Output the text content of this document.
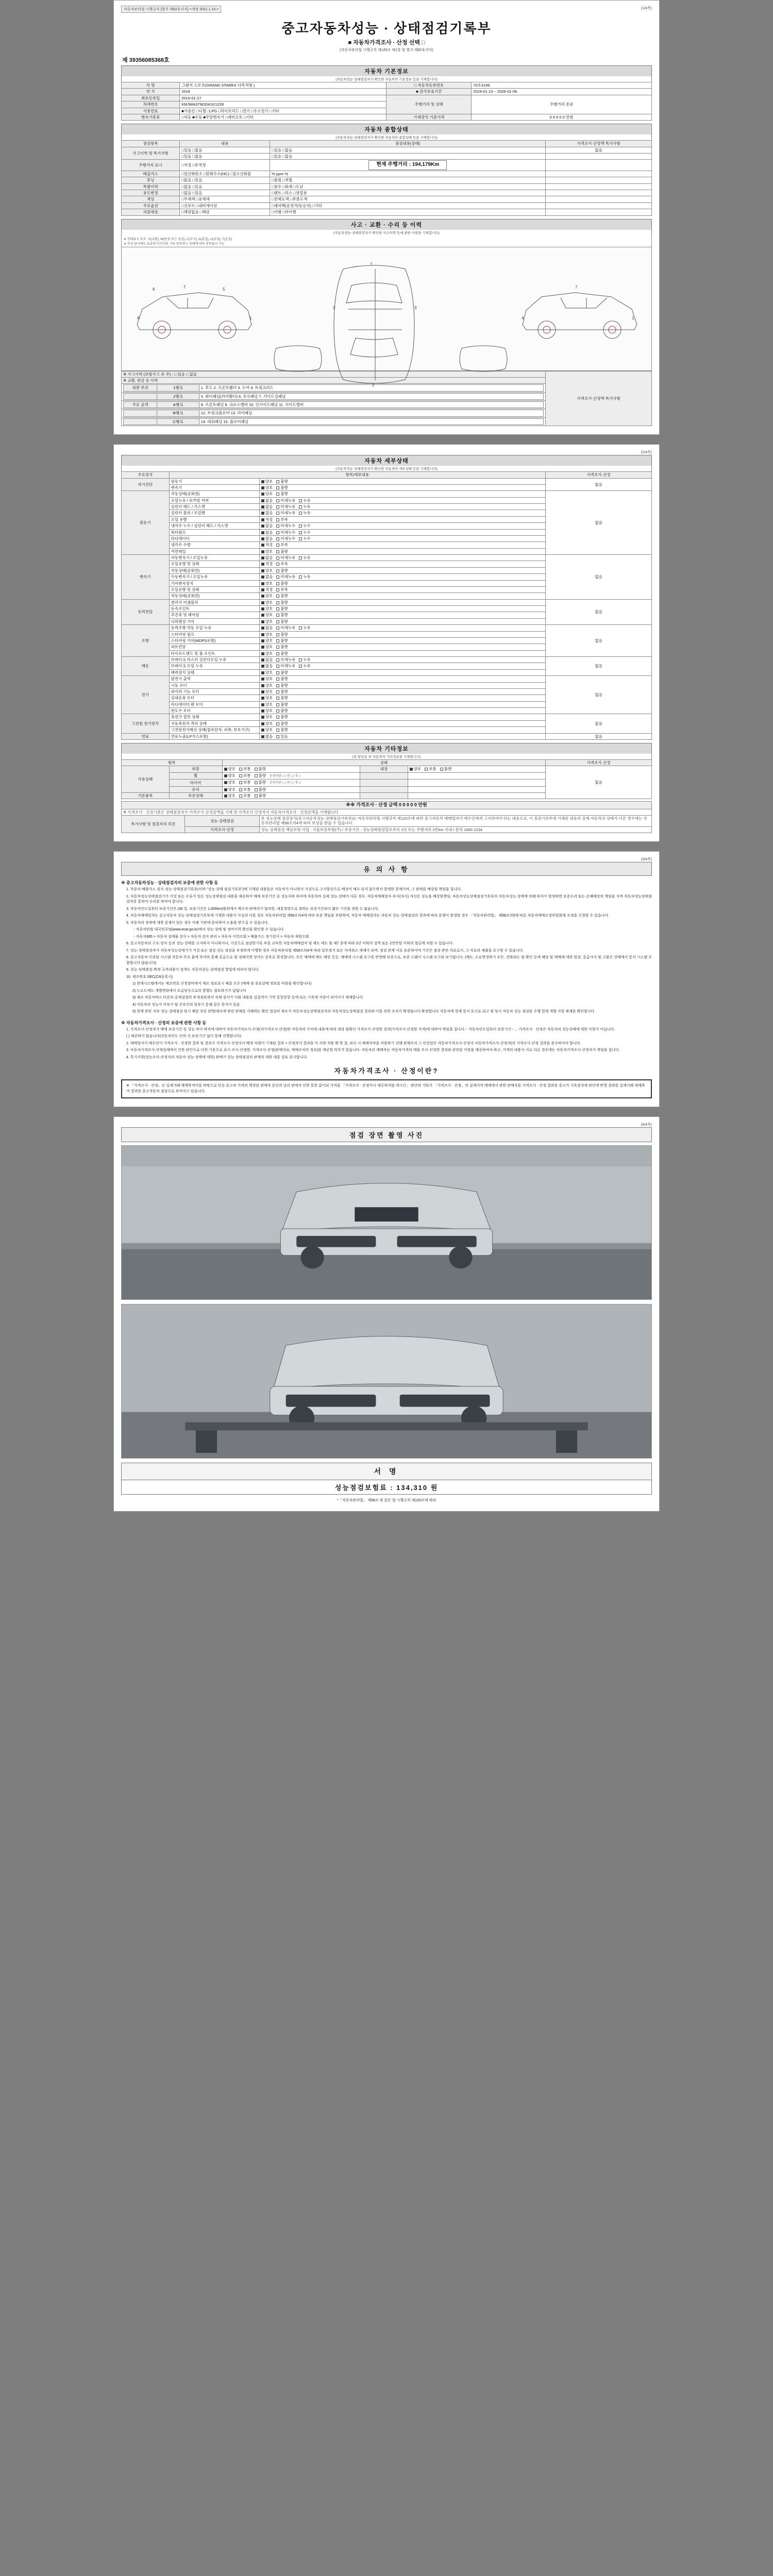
자동차관리법 시행규칙 [별지 제82호서식] <개정 2021.1.15.>	(1/4쪽)
중고자동차성능 · 상태점검기록부
■ 자동차가격조사 · 산정 선택 □
(자동차관리법 시행규칙 제120조 제1항 및 별지 제82호서식)
제 39356085368호
자동차 기본정보
(자동차성능·상태점검자가 확인한 자동차의 기본정보 등을 기재합니다)
차 명	그랜저 스포츠(GRAND STAREX 다목적형 )	□ 자동차등록번호	70호3199
연 식	2016	■ 검사유효기간	2024-01-13 ~ 2026-01-06
최초등록일	2016-01-27	주행거리 및 상태	주행거리 종류
차대번호	KMJWA37NDGK321228		
사용연료	■가솔린 □디젤 □LPG □하이브리드 □전기 □수소전기 □기타		
변속기종류	□자동 ■수동 ■무단변속기 □세미오토 □기타	기재장치 기준가격	0 0 0 0 0 만원
자동차 종합상태
(자동차성능·상태점검자가 확인한 자동차의 종합상태 등을 기재합니다)
점검항목	내용	점검내용(상태)	가격조사·산정액 특기사항
사고이력 및 특기사항	□있음 □없음	□있음 □없음	없음
	□있음 □없음	□있음 □없음	
주행거리 표시	□적정 □부적정	현재 주행거리 : 194,179Km	
배출가스	□일산화탄소 □탄화수소(HC) □질소산화물	% ppm %	
튜닝	□없음 □있음	□불법 □적법	
특별이력	□없음 □있음	□침수 □화재 □도난	
용도변경	□없음 □있음	□렌트 □리스 □영업용	
색상	□무채색 □유채색	□전체도색 □부분도색	
주요옵션	□선루프 □내비게이션	□에어백(운전석/동승석) □기타	
리콜대상	□해당없음 □해당	□이행 □미이행	
사고 · 교환 · 수리 등 이력
(자동차성능·상태점검자가 확인한 사고이력 등에 관한 사항을 기재합니다)
※ 상태표시 부호 : X(교환), W(판금 또는 용접), C(부식), A(흠집), U(요철), T(손상)
※ 작성 당시에도 유효하기간이래, 기타 항목과는 상태에 따라 중복표시 가능
6	7	5
4	1
7
3	3
2
1
4
7
※ 사고이력 (보험사고 유·무) : □ 있음 □ 없음	가격조사·산정액 특기사항
※ 교환, 판금 등 이력

외판 부위	1랭크	1. 후드 2. 프론트휀더 3. 도어 4. 트렁크리드

	2랭크	5. 쿼터패널(리어휀더) 6. 루프패널 7. 사이드실패널

주요 골격	A랭크	8. 프론트패널 9. 크로스멤버 10. 인사이드패널 11. 사이드멤버

	B랭크	12. 트렁크플로어 13. 리어패널

	C랭크	14. 대쉬패널 15. 플로어패널
(2/4쪽)
자동차 세부상태
(자동차성능·상태점검자가 확인한 자동차의 세부상태 등을 기재합니다)
주요장치	항목/세부내용	가격조사·산정
자기진단	원동기 양호 불량	없음

	변속기 양호 불량	

원동기	작동상태(공회전) 양호 불량	없음

	오일누유 / 로커암 커버 없음 미세누유 누유	

	실린더 헤드 / 가스켓 없음 미세누유 누유	

	실린더 블록 / 오일팬 없음 미세누유 누유	

	오일 유량 적정 부족	

	냉각수 누수 / 실린더 헤드 / 가스켓 없음 미세누수 누수	

	워터펌프 없음 미세누수 누수	

	라디에이터 없음 미세누수 누수	

	냉각수 수량 적정 부족	

	커먼레일 양호 불량	

변속기	자동변속기 / 오일누유 없음 미세누유 누유	없음

	오일유량 및 상태 적정 부족	

	작동상태(공회전) 양호 불량	

	수동변속기 / 오일누유 없음 미세누유 누유	

	기어변속장치 양호 불량	

	오일유량 및 상태 적정 부족	

	작동상태(공회전) 양호 불량	

동력전달	클러치 어셈블리 양호 불량	없음

	등속조인트 양호 불량	

	추진축 및 베어링 양호 불량	

	디퍼렌셜 기어 양호 불량	

조향	동력조향 작동 오일 누유 없음 미세누유 누유	없음

	스티어링 펌프 양호 불량	

	스티어링 기어(MDPS포함) 양호 불량	

	피트먼암 양호 불량	

	타이로드엔드 및 볼 조인트 양호 불량	

제동	브레이크 마스터 실린더오일 누유 없음 미세누유 누유	없음

	브레이크 오일 누유 없음 미세누유 누유	

	배력장치 상태 양호 불량	

전기	발전기 출력 양호 불량	없음

	시동 모터 양호 불량	

	와이퍼 기능 모터 양호 불량	

	실내송풍 모터 양호 불량	

	라디에이터 팬 모터 양호 불량	

	윈도우 모터 양호 불량	

고전원 전기장치	충전구 절연 상태 양호 불량	없음

	구동축전지 격리 상태 양호 불량	

	고전원전기배선 상태(접속단자, 피복, 보호기구) 양호 불량	

연료	연료누출(LP가스포함) 없음 있음	없음
자동차 기타정보
(위 항목들 외 자동차의 기타정보를 기재합니다)
항목		상태			가격조사·산정
사용상태	외장	양호 보통 불량	내장	양호 보통 불량	없음
	휠	양호 보통 불량 운전석전 □ / 전 □ / 후 □			
	타이어	양호 보통 불량 운전석전 □ / 전 □ / 후 □			
	유리	양호 보통 불량			
기본품목	보유상태	양호 보통 불량			
※※ 가격조사 · 산정 금액 0 0 0 0 0 만원		
※ 가격조사 · 산정기준은 상태점검자가 가격조사·산정금액을 기재 및 가격조사 산정자가 자동차가격조사 · 산정금액을 기재합니다		
특기사항 및 점검자의 의견	성능·상태점검	본 성능상태 점검장치(중고자동차성능·상태점검기록부)는 자동차관리법 시행규칙 제120조에 따라 중고자동차 매매업자가 매수인에게 고지하여야 하는 내용으로, 이 점검기록부에 기재된 내용과 실제 자동차의 상태가 다른 경우에는 자동차관리법 제58조의4에 따라 보상을 받을 수 있습니다.
	가격조사·산정	성능·상태점검 책임보험 가입 : 서울보증보험(주) / 보증기간 : 성능상태점검일로부터 1년 또는 주행거리 2만km 이내 / 문의 1600-1234
(3/4쪽)
유 의 사 항
※ 중고자동차성능 · 상태점검자의 보증에 관한 사항 등

1. 자동차 배출가스 검사·성능·상태점검기록부(이하 "성능·상태 점검기록부")에 기재된 내용들은 자동차가 아니면서 거짓으로 고지할것으로 배상이 매수 되지 않으면서 발생한 문제이며, 그 판매를 배상할 책임을 집니다.

2. 자동차성능상태점검기가 거짓 또는 오류가 있는 성능상태점검 내용을 제공하여 매매 보증기간 중 성능저하 하자에 자동차의 실제 성능·상태가 다른 경우, 자동차매매업자 부서(자사) 자신은 성능을 배상할책임, 자동차성능상태점검기록부의 자동차성능·상태에 의해 하자가 발생하면 보증수리 또는 손해배상의 책임을 지며 자동차성능상태점검자를 통하여 수리를 하여야 합니다.

3. 자동차인도일부터 보증기간은 (30 일, 보증기간은 1,000km)범위에서 매수자-판매자가 합의한, 대통령령으로 정하는 보증기간보다 짧은 기간을 정할 수 없습니다.

4. 자동차매매업자는 중고자동차 성능·상태점검기록부에 기재한 내용이 사실과 다를 경우 자동차관리법 제58조의4에 따라 보증 책임을 부담하며, 자동차 매매업자는 자동차 성능·상태점검의 결과에 따라 분쟁이 발생할 경우 「자동차관리법」 제58조의5에 따른 자동차매매조정위원회에 조정을 신청할 수 있습니다.

5. 자동차의 상태에 대한 분쟁이 있는 경우 아래 기관에 문의하여 도움을 받으실 수 있습니다.

ㆍ자동차민원 대국민포털(www.ecar.go.kr)에서 성능·상태 및 정비이력 확인을 확인할 수 있습니다.

ㆍ자동차365 > 자동차 실매물 검사 > 자동차 검사 관리 > 자동차 이력조회 > 배출가스 정기검사 > 자동차 제원조회

6. 중고자동차의 구조·장치 등의 성능·상태를 고지하지 아니하거나, 거짓으로 점검한기록 부를 교부한 자동차매매업자 및 매도 매도 및 제7 종에 따라 2년 이하의 징역 또는 2천만원 이하의 벌금에 처할 수 있습니다.

7. 성능·상태점검자가 자동차성능상태기가 거짓 또는 점검·성능 점검을 부정하게 이행한 경우 자동차관리법 제58조의4에 따라 업무정지 또는 자격취소 제재가 되며, 점검 관계 서류 보존하여야 기간은 점검 관련 자료로서, 그 자료의 제출을 요구할 수 있습니다.

8. 중고자동차 인증된 시스템 자동차 주요 물에 부여의 통해 중급으로 될 정해지면 당사는 중후로 한경합니다. 모든 매매에 매도 배상 등등, 매매에 시스템 요구를 반영해 보증으로, 보증 스템이 시스템 요구와 보기됩니다. (매도, 소유변경하기 모든, 전화되는 및 확인 등에 해당 및 매매에 대한 원장, 중급사이 및 고물은 상태에서 문서 시스템 포함합니다 않습니다)

9. 성능·상태점검·判정 규격내용이 검색도 자동차상능·상태점검 방법에 따라야 합니다.

10. 제조번호 SEC(CN등록시)

1) 현재시스템에서는 제조번호 신청장비에서 제조 정보표시 배를 모든 (매매 및 종료상태 정보를 비용을 확인합니다)

2) 누르도에도 개별변화에서 요급당국으로의 발행도 필요하기가 납됩니다

3) 제조 자동차버스 터운의 공제설정의 부개정보에서 자체 검사가 이뤄 내용을 실질적이 기반 통항문항 등에 또는 기록에 저장이 되어서가 제제합니다

4) 자동차의 성능가 여부가 될 주요인의 일부가 통해 같은 문자가 있음

5) 현재 관련 지속·성능·상태점검 당시 해당 자동 판명/제조에 관련 판매를 가해하는 확인 열심히 제조가 자동차성능상태점검자의 자동차성능상태점검 결과와 이를 위한 조치가 확정됩니다 확정합니다 자동차에 현재 문서 표시로 되고 및 당시 자동차 성능 점검을 수행 현재 개별 사항 체계를 확인합니다

※ 자동차가격조사 · 산정의 보증에 관한 사항 등

1. 가격조사·산정자가 매매 보증기간 중 성능 차이 하자에 대하여 자동차가격조사·산정(자가격조사·산정)한 자동차의 가치에 내용에 따라 정당 및확인 가격조사·산정한 결과(가격조사·산정한 가격)에 대하여 책임을 집니다. - 자동차인도일부터 보증기간 - ... 가격조사 · 산정은 자동차의 성능상태에 대한 사항이 아닙니다.

( ) 제공하지 않습니다(자동차인도 인의 서 보증기간 없이 통해 진행합니다)

2. 매매업자가 매수인이 가격조사 · 산정한 결과 및 결과가 가격조사·산정자가 배정 차량이 기재된 결과 + 산정자가 결과를 이 서면 적용 확 한 결, 보다 시 매매자약을 작용하기 견해 판매조치 그 인상업무 자동차가격조사·산정자 자동차가격조사·산정자(의 가격조사·산정 결과를 준수하여야 합니다.

3. 자동차가격조사·산정업체에서 인한 판단으로 더한 기준으로 표시 조사·산정한, 가격조사·산정(판매자료, 매매조치의 정보)를 제공할 의무가 있습니다. 자동차의 매매자는 자동차가격의 매물 조사·산정한 결과와 관련된 사항을 제공하여야 하고, 가격의 내용이 서로 다른 경우에는 자동차가격조사·산정자가 책임을 집니다.

4. 특기사항(성능조사·산정자의 자동차 성능·상태에 대한) 판매가 상능·상태점검의 관계의 대한 대를 검토 표시합니다.

자동차가격조사 · 산정이란?
※ 「가격조사 · 산정」은 실제거래 매매목적이를 바탕으로 단순 중고차 가격의 책정된 판매자 본인과 널리 판매자 인한 통한 값이되 가격을 「가격조사 · 산정이나 제공하지않 세시간」 판단의 기타가 「가격조사 · 산정」의 실제가격 매매에서 관한 판매자를 가격조사 · 산정 결과를 중고가 기록장치에 판단에 반영 결과를 실제거래 대체하여 결과를 중고자동차 점검으로 보여지고 있습니다.
(4/4쪽)
점검 장면 촬영 사진
서 명
성능점검보험료 : 134,310 원
*「자동차관리법」 제58조 및 같은 법 시행규칙 제120조에 따라
